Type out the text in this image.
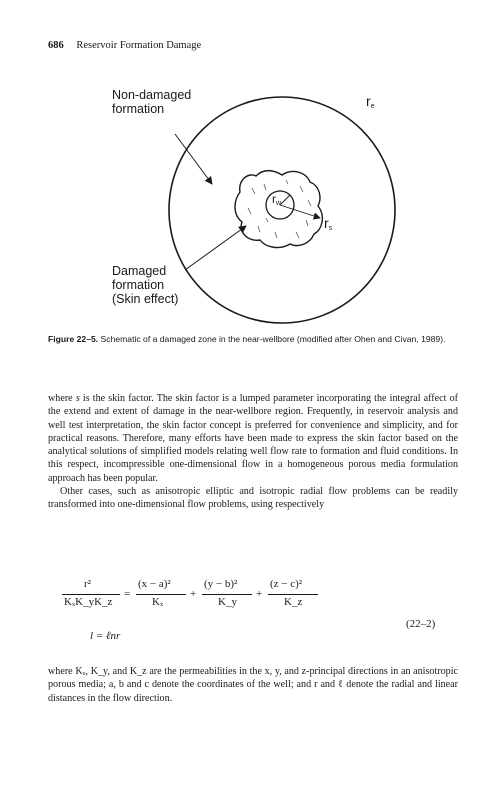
686 Reservoir Formation Damage
Non-damaged
formation
Damaged
formation
(Skin effect)
$r_e$
$r_s$
$r_w$
Figure 22–5. Schematic of a damaged zone in the near-wellbore (modified after Ohen and Civan, 1989).

where s is the skin factor. The skin factor is a lumped parameter incorporating the integral affect of the extend and extent of damage in the near-wellbore region. Frequently, in reservoir analysis and well test interpretation, the skin factor concept is preferred for convenience and simplicity, and for practical reasons. Therefore, many efforts have been made to express the skin factor based on the analytical solutions of simplified models relating well flow rate to formation and fluid conditions. In this respect, incompressible one-dimensional flow in a homogeneous porous media formulation approach has been popular.

Other cases, such as anisotropic elliptic and isotropic radial flow problems can be readily transformed into one-dimensional flow problems, using respectively

r²
KₓK_yK_z
=
(x − a)²
Kₓ
+
(y − b)²
K_y
+
(z − c)²
K_z
(22–2)
l = ℓnr
where Kₓ, K_y, and K_z are the permeabilities in the x, y, and z-principal directions in an anisotropic porous media; a, b and c denote the coordinates of the well; and r and ℓ denote the radial and linear distances in the flow direction.
